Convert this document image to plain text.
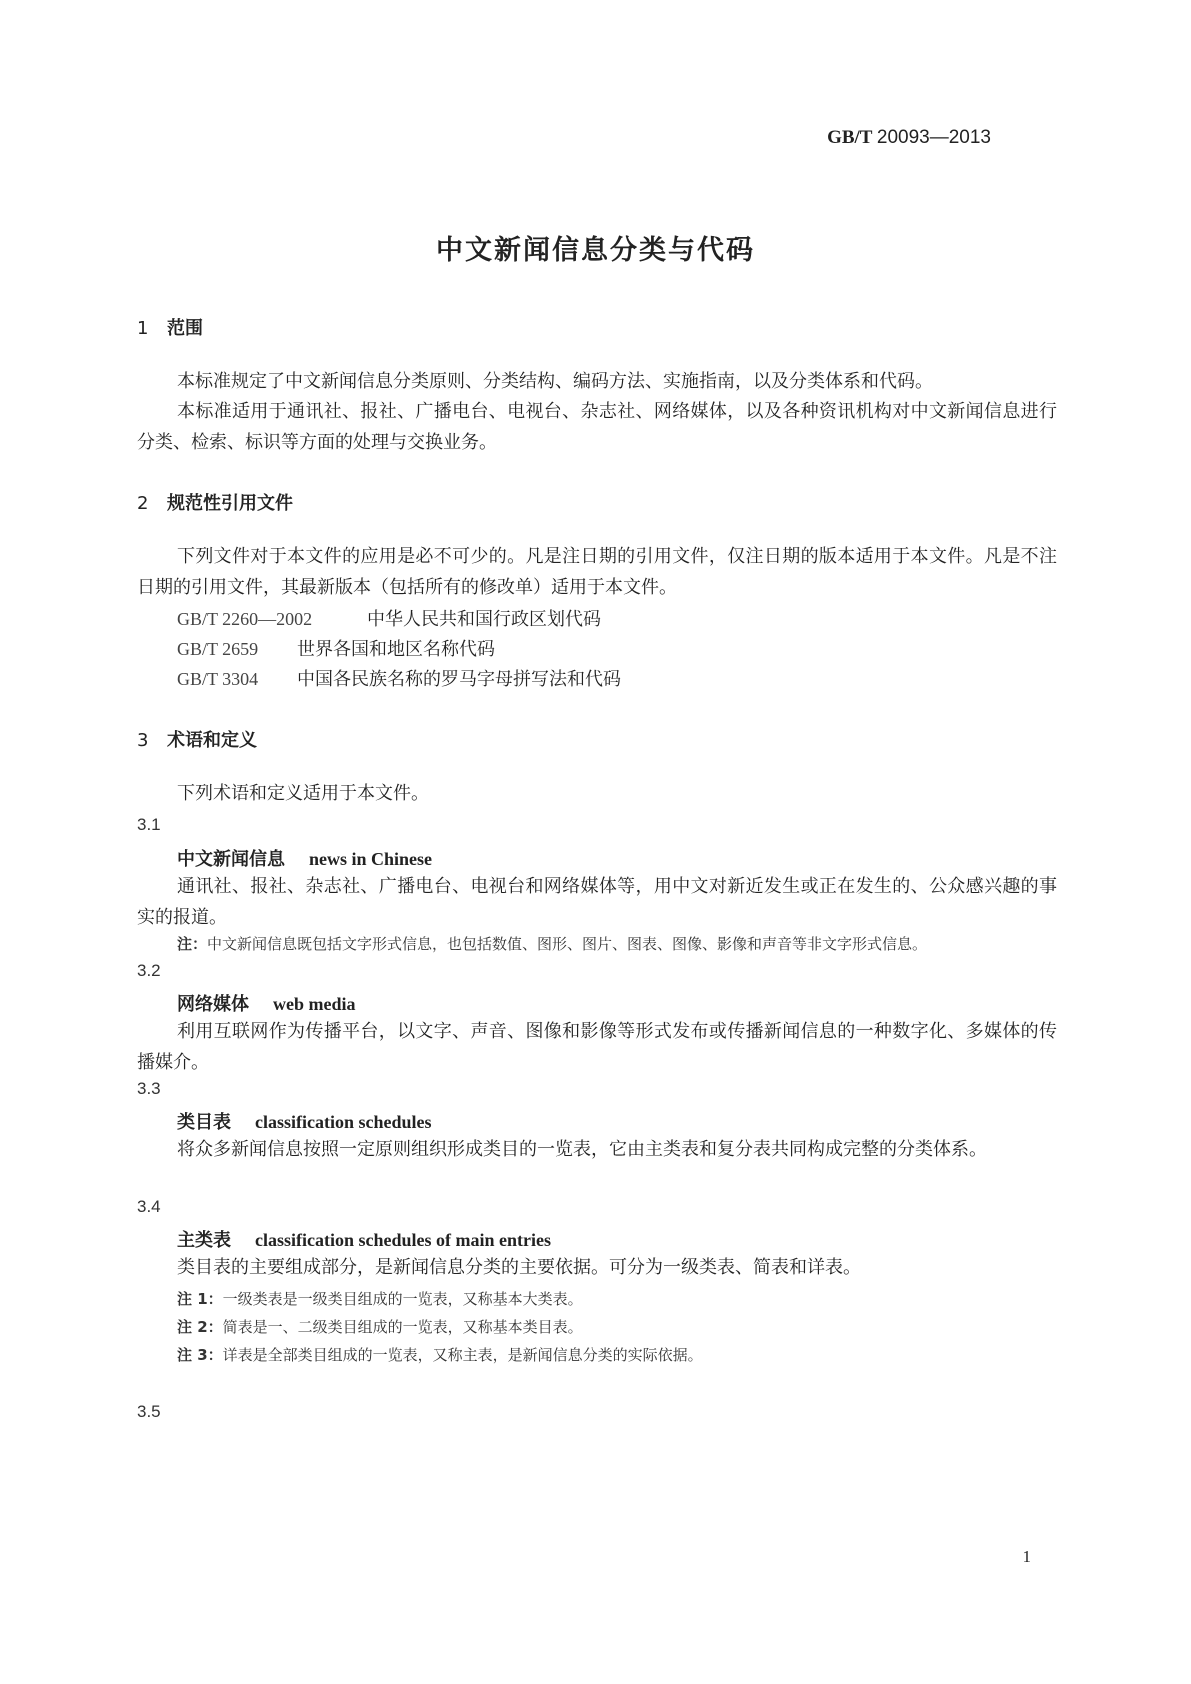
GB/T 20093—2013
中文新闻信息分类与代码
1 范围
本标准规定了中文新闻信息分类原则、分类结构、编码方法、实施指南，以及分类体系和代码。
本标准适用于通讯社、报社、广播电台、电视台、杂志社、网络媒体，以及各种资讯机构对中文新闻信息进行分类、检索、标识等方面的处理与交换业务。
2 规范性引用文件
下列文件对于本文件的应用是必不可少的。凡是注日期的引用文件，仅注日期的版本适用于本文件。凡是不注日期的引用文件，其最新版本（包括所有的修改单）适用于本文件。
GB/T 2260—2002	中华人民共和国行政区划代码
GB/T 2659 世界各国和地区名称代码
GB/T 3304 中国各民族名称的罗马字母拼写法和代码
3 术语和定义
下列术语和定义适用于本文件。
3.1
中文新闻信息 news in Chinese
通讯社、报社、杂志社、广播电台、电视台和网络媒体等，用中文对新近发生或正在发生的、公众感兴趣的事实的报道。
注：中文新闻信息既包括文字形式信息，也包括数值、图形、图片、图表、图像、影像和声音等非文字形式信息。
3.2
网络媒体 web media
利用互联网作为传播平台，以文字、声音、图像和影像等形式发布或传播新闻信息的一种数字化、多媒体的传播媒介。
3.3
类目表 classification schedules
将众多新闻信息按照一定原则组织形成类目的一览表，它由主类表和复分表共同构成完整的分类体系。
3.4
主类表 classification schedules of main entries
类目表的主要组成部分，是新闻信息分类的主要依据。可分为一级类表、简表和详表。
注 1：一级类表是一级类目组成的一览表，又称基本大类表。
注 2：简表是一、二级类目组成的一览表，又称基本类目表。
注 3：详表是全部类目组成的一览表，又称主表，是新闻信息分类的实际依据。
3.5
1
